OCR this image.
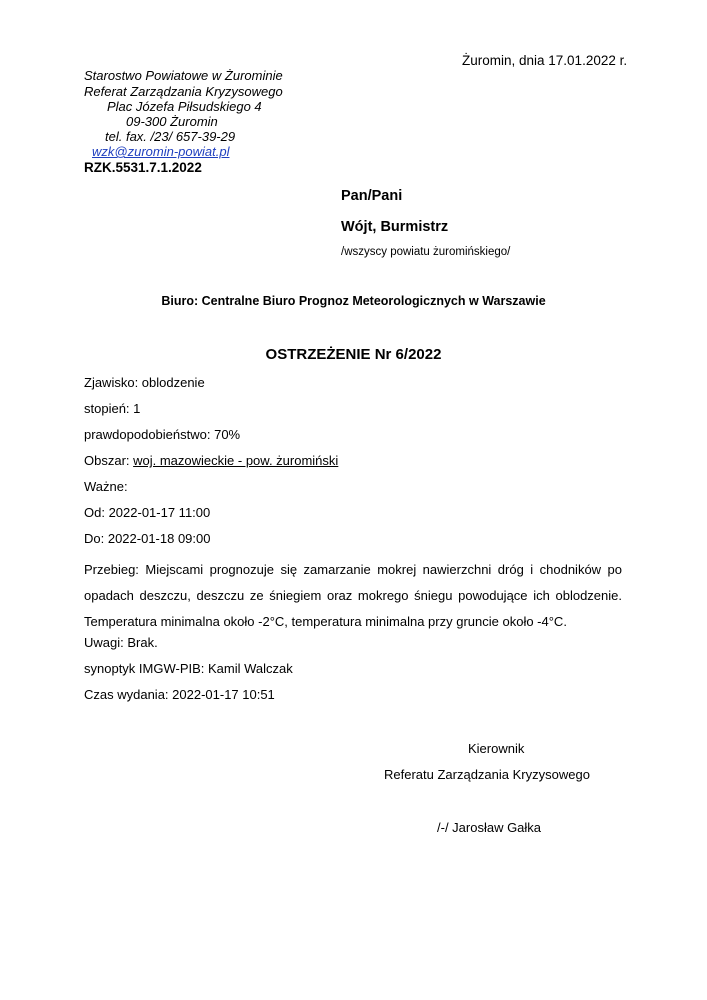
Żuromin, dnia 17.01.2022 r.
Starostwo Powiatowe w Żurominie
Referat Zarządzania Kryzysowego
Plac Józefa Piłsudskiego 4
09-300 Żuromin
tel. fax. /23/ 657-39-29
wzk@zuromin-powiat.pl
RZK.5531.7.1.2022
Pan/Pani
Wójt, Burmistrz
/wszyscy powiatu żuromińskiego/
Biuro: Centralne Biuro Prognoz Meteorologicznych w Warszawie
OSTRZEŻENIE Nr 6/2022
Zjawisko: oblodzenie
stopień: 1
prawdopodobieństwo: 70%
Obszar: woj. mazowieckie - pow. żuromiński
Ważne:
Od: 2022-01-17 11:00
Do: 2022-01-18 09:00
Przebieg: Miejscami prognozuje się zamarzanie mokrej nawierzchni dróg i chodników po opadach deszczu, deszczu ze śniegiem oraz mokrego śniegu powodujące ich oblodzenie. Temperatura minimalna około -2°C, temperatura minimalna przy gruncie około -4°C.
Uwagi: Brak.
synoptyk IMGW-PIB: Kamil Walczak
Czas wydania: 2022-01-17 10:51
Kierownik
Referatu Zarządzania Kryzysowego
/-/ Jarosław Gałka
